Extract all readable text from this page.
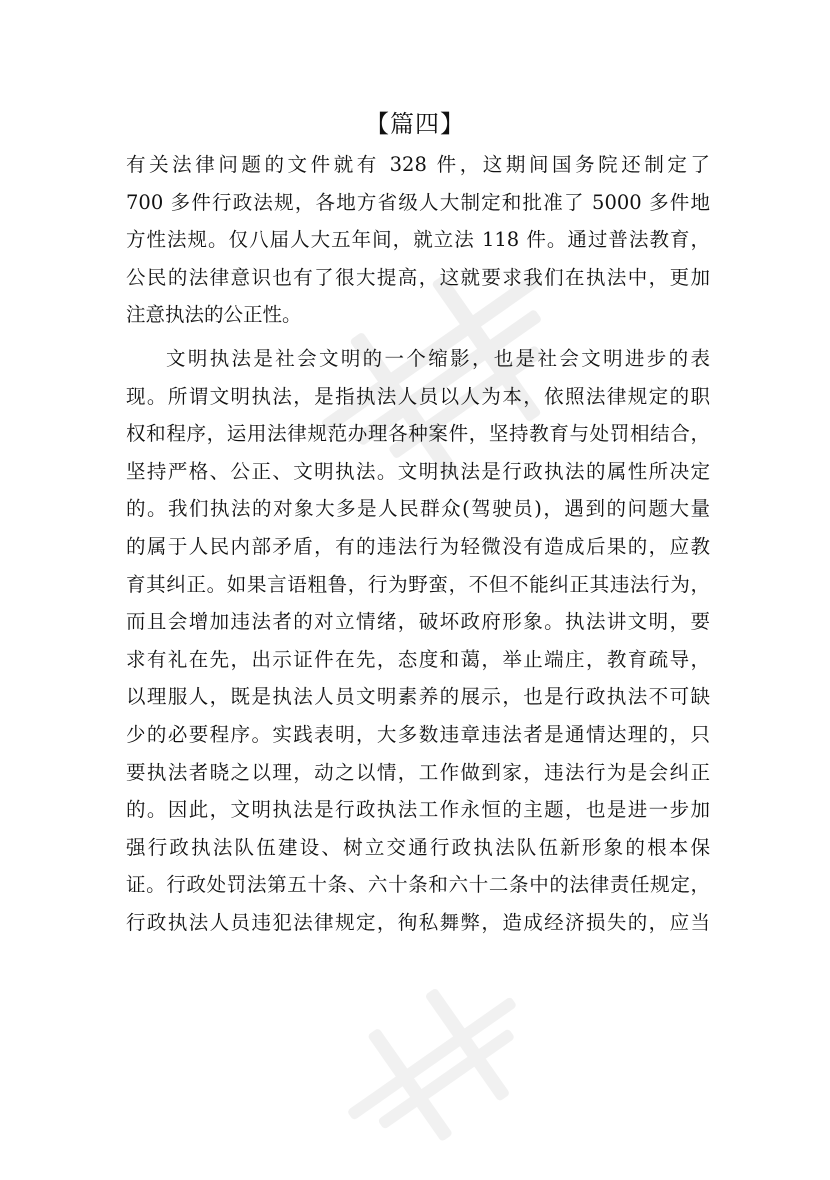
【篇四】
有关法律问题的文件就有 328 件，这期间国务院还制定了
700 多件行政法规，各地方省级人大制定和批准了 5000 多件地
方性法规。仅八届人大五年间，就立法 118 件。通过普法教育，
公民的法律意识也有了很大提高，这就要求我们在执法中，更加
注意执法的公正性。
文明执法是社会文明的一个缩影，也是社会文明进步的表
现。所谓文明执法，是指执法人员以人为本，依照法律规定的职
权和程序，运用法律规范办理各种案件，坚持教育与处罚相结合，
坚持严格、公正、文明执法。文明执法是行政执法的属性所决定
的。我们执法的对象大多是人民群众(驾驶员)，遇到的问题大量
的属于人民内部矛盾，有的违法行为轻微没有造成后果的，应教
育其纠正。如果言语粗鲁，行为野蛮，不但不能纠正其违法行为，
而且会增加违法者的对立情绪，破坏政府形象。执法讲文明，要
求有礼在先，出示证件在先，态度和蔼，举止端庄，教育疏导，
以理服人，既是执法人员文明素养的展示，也是行政执法不可缺
少的必要程序。实践表明，大多数违章违法者是通情达理的，只
要执法者晓之以理，动之以情，工作做到家，违法行为是会纠正
的。因此，文明执法是行政执法工作永恒的主题，也是进一步加
强行政执法队伍建设、树立交通行政执法队伍新形象的根本保
证。行政处罚法第五十条、六十条和六十二条中的法律责任规定，
行政执法人员违犯法律规定，徇私舞弊，造成经济损失的，应当
